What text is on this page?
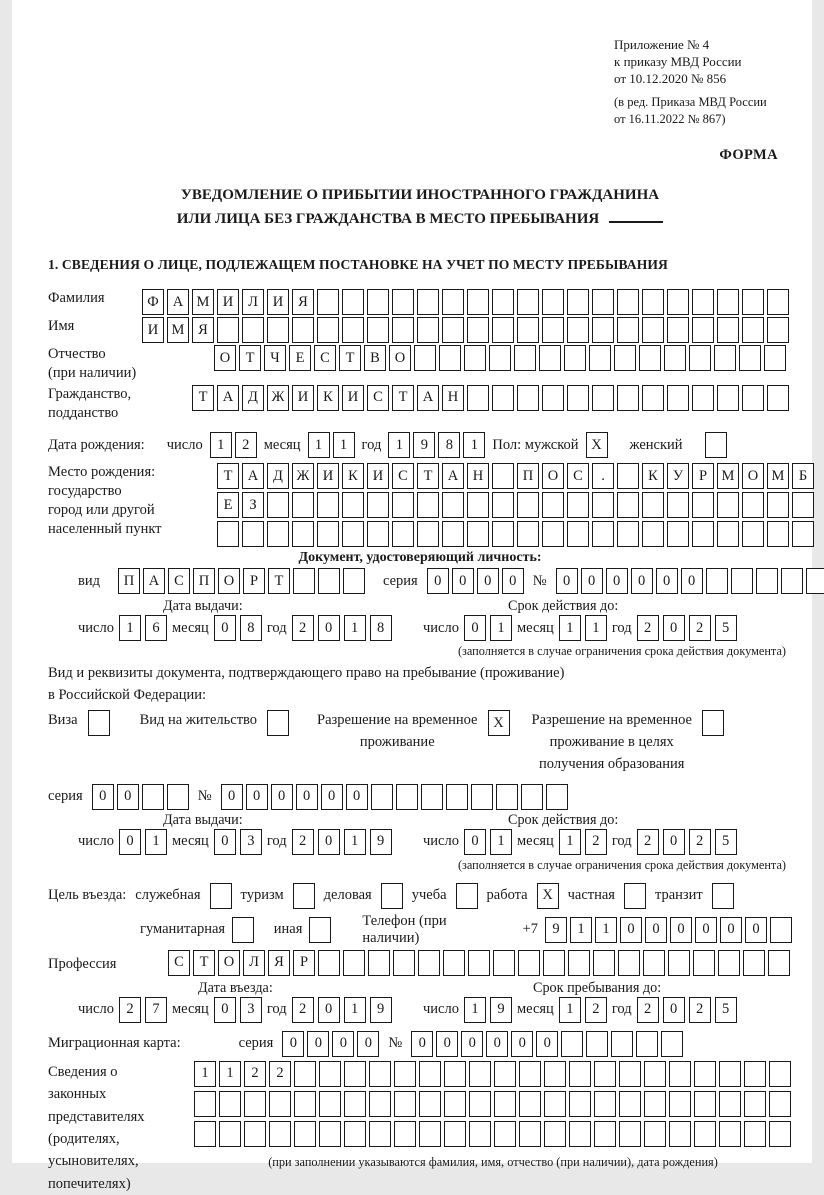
Приложение № 4
к приказу МВД России
от 10.12.2020 № 856
(в ред. Приказа МВД России
от 16.11.2022 № 867)
ФОРМА
УВЕДОМЛЕНИЕ О ПРИБЫТИИ ИНОСТРАННОГО ГРАЖДАНИНА
ИЛИ ЛИЦА БЕЗ ГРАЖДАНСТВА В МЕСТО ПРЕБЫВАНИЯ
1. СВЕДЕНИЯ О ЛИЦЕ, ПОДЛЕЖАЩЕМ ПОСТАНОВКЕ НА УЧЕТ ПО МЕСТУ ПРЕБЫВАНИЯ
Фамилия	Ф А М И	Л	И	Я
Имя	И М Я
Отчество
(при наличии)
О	Т	Ч	Е	С	Т	В	О
Гражданство,
подданство
Т	А	Д Ж И	К	И	С	Т	А	Н
Дата рождения: число 1	2 месяц 1	1 год 1	9	8	1 Пол: мужской X	женский
Место рождения:
государство
город или другой
населенный пункт
Т	А	Д Ж И	К	И	С	Т	А	Н	П	О	С	.	К	У	Р	М О М Б
Е	З
Документ, удостоверяющий личность:
вид	П	А	С	П	О	Р	Т	серия	0	0	0	0	№	0	0	0	0	0	0
Дата выдачи:
число 1	6 месяц 0	8 год 2	0	1	8
Срок действия до:
число 0	1 месяц 1	1 год 2	0	2	5
(заполняется в случае ограничения срока действия документа)
Вид и реквизиты документа, подтверждающего право на пребывание (проживание)
в Российской Федерации:
Виза	Вид на жительство	Разрешение на временное
проживание
X	Разрешение на временное
проживание в целях
получения образования
серия	0	0	№	0	0	0	0	0	0
Дата выдачи:
число 0	1 месяц 0	3 год 2	0	1	9
Срок действия до:
число 0	1 месяц 1	2 год 2	0	2	5
(заполняется в случае ограничения срока действия документа)
Цель въезда: служебная	туризм	деловая	учеба	работа	X	частная	транзит
гуманитарная	иная
Телефон (при наличии)
+7 9	1	1	0	0	0	0	0	0
Профессия	С	Т	О	Л	Я	Р
Дата въезда:
число 2	7 месяц 0	3 год 2	0	1	9
Срок пребывания до:
число 1	9 месяц 1	2 год 2	0	2	5
Миграционная карта:	серия	0	0	0	0	№	0	0	0	0	0	0
Сведения о
законных
представителях
(родителях,
усыновителях,
попечителях)
1	1	2	2
(при заполнении указываются фамилия, имя, отчество (при наличии), дата рождения)
